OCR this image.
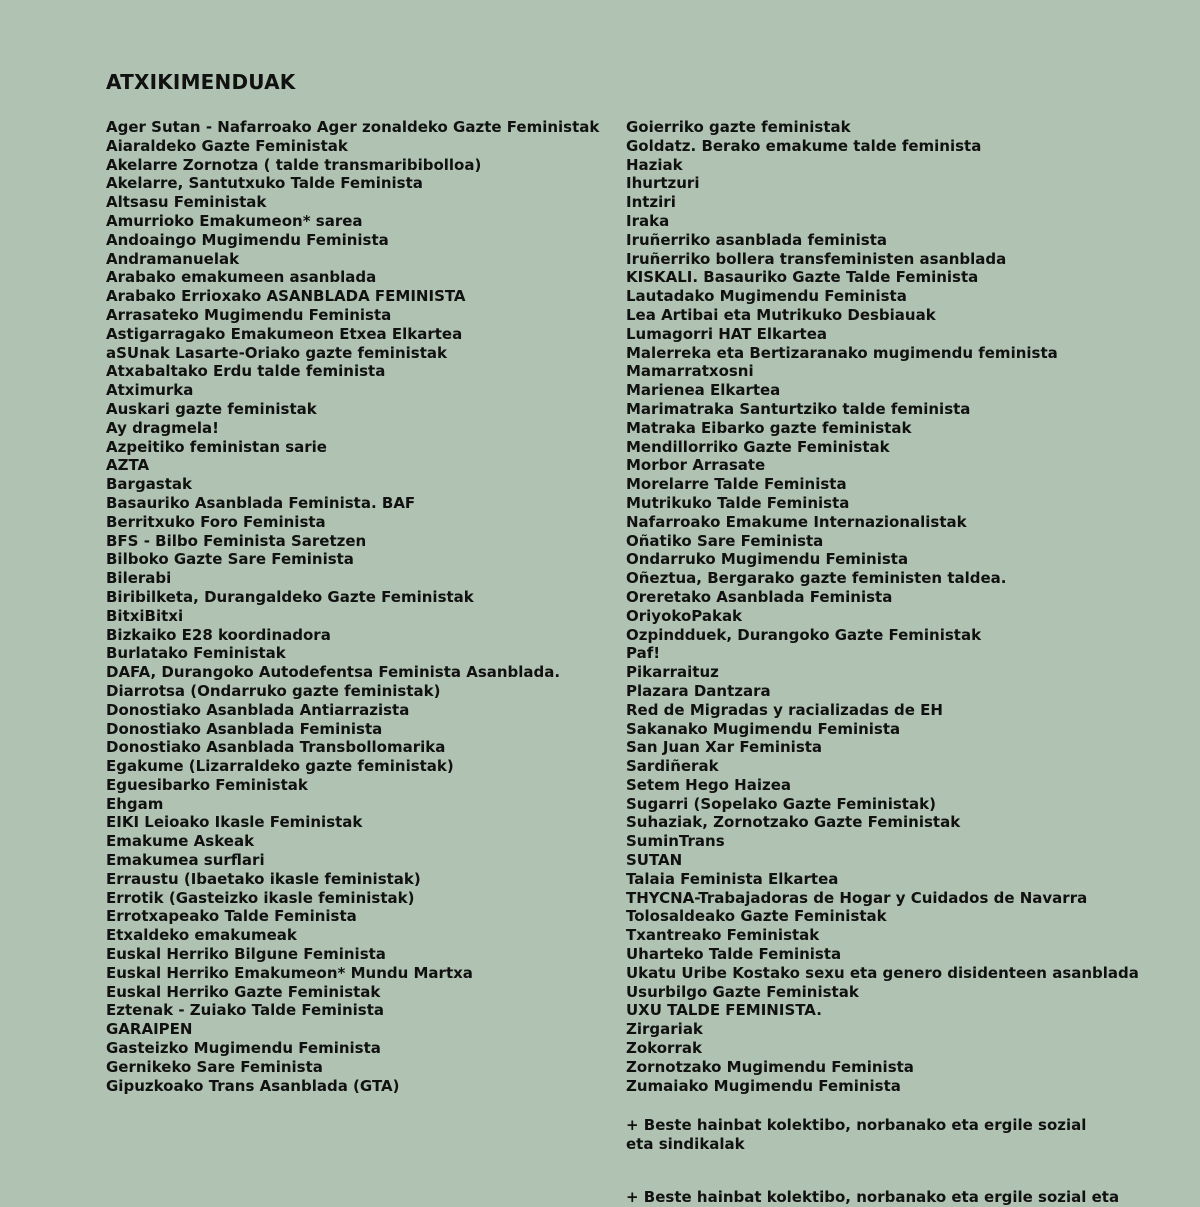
ATXIKIMENDUAK
Ager Sutan - Nafarroako Ager zonaldeko Gazte Feministak
Aiaraldeko Gazte Feministak
Akelarre Zornotza ( talde transmaribibolloa)
Akelarre, Santutxuko Talde Feminista
Altsasu Feministak
Amurrioko Emakumeon* sarea
Andoaingo Mugimendu Feminista
Andramanuelak
Arabako emakumeen asanblada
Arabako Errioxako ASANBLADA FEMINISTA
Arrasateko Mugimendu Feminista
Astigarragako Emakumeon Etxea Elkartea
aSUnak Lasarte-Oriako gazte feministak
Atxabaltako Erdu talde feminista
Atximurka
Auskari gazte feministak
Ay dragmela!
Azpeitiko feministan sarie
AZTA
Bargastak
Basauriko Asanblada Feminista. BAF
Berritxuko Foro Feminista
BFS - Bilbo Feminista Saretzen
Bilboko Gazte Sare Feminista
Bilerabi
Biribilketa, Durangaldeko Gazte Feministak
BitxiBitxi
Bizkaiko E28 koordinadora
Burlatako Feministak
DAFA, Durangoko Autodefentsa Feminista Asanblada.
Diarrotsa (Ondarruko gazte feministak)
Donostiako Asanblada Antiarrazista
Donostiako Asanblada Feminista
Donostiako Asanblada Transbollomarika
Egakume (Lizarraldeko gazte feministak)
Eguesibarko Feministak
Ehgam
EIKI Leioako Ikasle Feministak
Emakume Askeak
Emakumea surflari
Erraustu (Ibaetako ikasle feministak)
Errotik (Gasteizko ikasle feministak)
Errotxapeako Talde Feminista
Etxaldeko emakumeak
Euskal Herriko Bilgune Feminista
Euskal Herriko Emakumeon* Mundu Martxa
Euskal Herriko Gazte Feministak
Eztenak - Zuiako Talde Feminista
GARAIPEN
Gasteizko Mugimendu Feminista
Gernikeko Sare Feminista
Gipuzkoako Trans Asanblada (GTA)
Goierriko gazte feministak
Goldatz. Berako emakume talde feminista
Haziak
Ihurtzuri
Intziri
Iraka
Iruñerriko asanblada feminista
Iruñerriko bollera transfeministen asanblada
KISKALI. Basauriko Gazte Talde Feminista
Lautadako Mugimendu Feminista
Lea Artibai eta Mutrikuko Desbiauak
Lumagorri HAT Elkartea
Malerreka eta Bertizaranako mugimendu feminista
Mamarratxosni
Marienea Elkartea
Marimatraka Santurtziko talde feminista
Matraka Eibarko gazte feministak
Mendillorriko Gazte Feministak
Morbor Arrasate
Morelarre Talde Feminista
Mutrikuko Talde Feminista
Nafarroako Emakume Internazionalistak
Oñatiko Sare Feminista
Ondarruko Mugimendu Feminista
Oñeztua, Bergarako gazte feministen taldea.
Oreretako Asanblada Feminista
OriyokoPakak
Ozpindduek, Durangoko Gazte Feministak
Paf!
Pikarraituz
Plazara Dantzara
Red de Migradas y racializadas de EH
Sakanako Mugimendu Feminista
San Juan Xar Feminista
Sardiñerak
Setem Hego Haizea
Sugarri (Sopelako Gazte Feministak)
Suhaziak, Zornotzako Gazte Feministak
SuminTrans
SUTAN
Talaia Feminista Elkartea
THYCNA-Trabajadoras de Hogar y Cuidados de Navarra
Tolosaldeako Gazte Feministak
Txantreako Feministak
Uharteko Talde Feminista
Ukatu Uribe Kostako sexu eta genero disidenteen asanblada
Usurbilgo Gazte Feministak
UXU TALDE FEMINISTA.
Zirgariak
Zokorrak
Zornotzako Mugimendu Feminista
Zumaiako Mugimendu Feminista

+ Beste hainbat kolektibo, norbanako eta ergile sozial eta sindikalak

+ Beste hainbat kolektibo, norbanako eta ergile sozial eta
